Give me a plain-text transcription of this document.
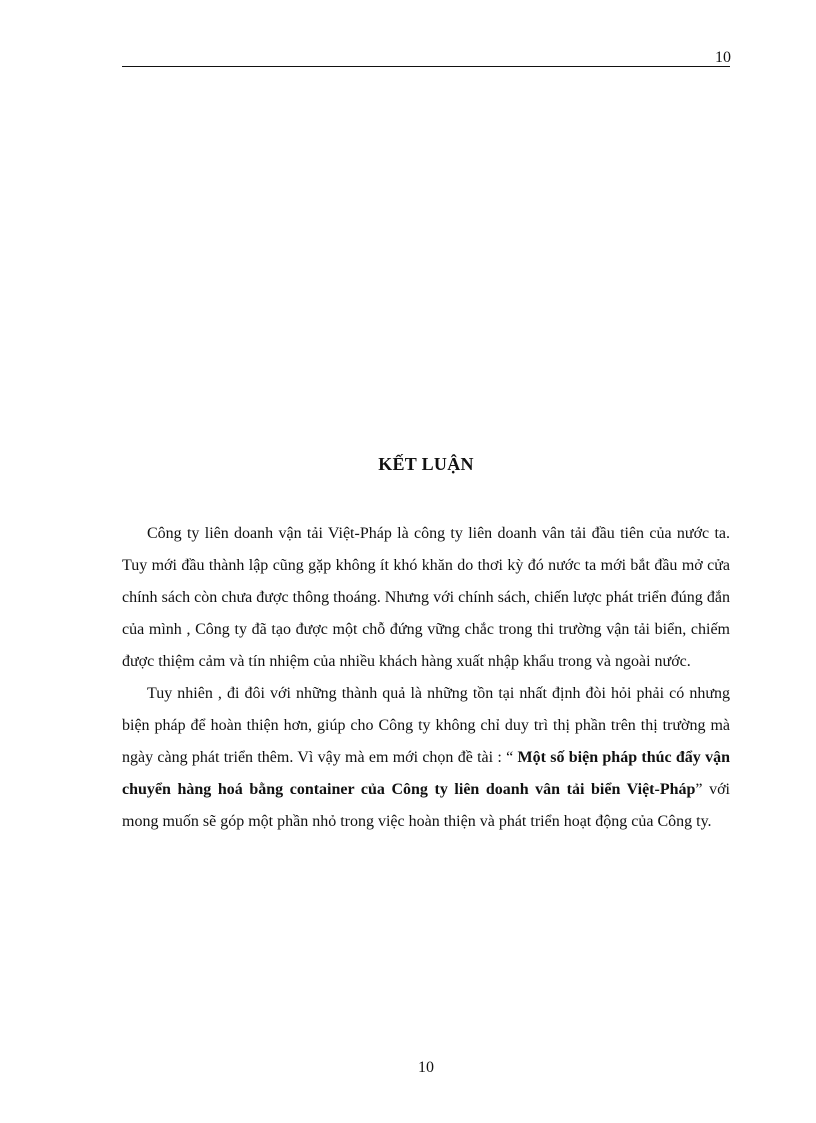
10
KẾT LUẬN

Công ty liên doanh vận tải Việt-Pháp là công ty liên doanh vân tải đầu tiên của nước ta. Tuy mới đầu thành lập cũng gặp không ít khó khăn do thơi kỳ đó nước ta mới bắt đầu mở cửa chính sách còn chưa được thông thoáng. Nhưng với chính sách, chiến lược phát triển đúng đắn của mình , Công ty đã tạo được một chỗ đứng vững chắc trong thi trường vận tải biển, chiếm được thiệm cảm và tín nhiệm của nhiều khách hàng xuất nhập khẩu trong và ngoài nước.

Tuy nhiên , đi đôi với những thành quả là những tồn tại nhất định đòi hỏi phải có nhưng biện pháp để hoàn thiện hơn, giúp cho Công ty không chỉ duy trì thị phần trên thị trường mà ngày càng phát triển thêm. Vì vậy mà em mới chọn đề tài : “ Một số biện pháp thúc đẩy vận chuyển hàng hoá bằng container của Công ty liên doanh vân tải biển Việt-Pháp” với mong muốn sẽ góp một phần nhỏ trong việc hoàn thiện và phát triển hoạt động của Công ty.

10
